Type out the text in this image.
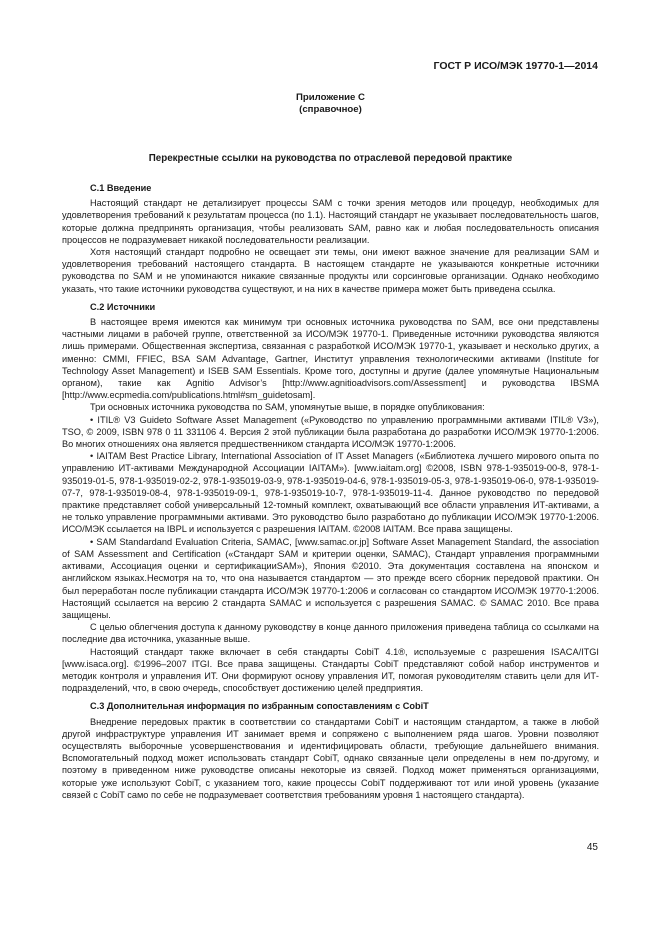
ГОСТ Р ИСО/МЭК 19770-1—2014
Приложение С
(справочное)
Перекрестные ссылки на руководства по отраслевой передовой практике
С.1 Введение

Настоящий стандарт не детализирует процессы SAM с точки зрения методов или процедур, необходимых для удовлетворения требований к результатам процесса (по 1.1). Настоящий стандарт не указывает последовательность шагов, которые должна предпринять организация, чтобы реализовать SAM, равно как и любая последовательность описания процессов не подразумевает никакой последовательности реализации.

Хотя настоящий стандарт подробно не освещает эти темы, они имеют важное значение для реализации SAM и удовлетворения требований настоящего стандарта. В настоящем стандарте не указываются конкретные источники руководства по SAM и не упоминаются никакие связанные продукты или сорсинговые организации. Однако необходимо указать, что такие источники руководства существуют, и на них в качестве примера может быть приведена ссылка.

С.2 Источники

В настоящее время имеются как минимум три основных источника руководства по SAM, все они представлены частными лицами в рабочей группе, ответственной за ИСО/МЭК 19770-1. Приведенные источники руководства являются лишь примерами. Общественная экспертиза, связанная с разработкой ИСО/МЭК 19770-1, указывает и несколько других, а именно: CMMI, FFIEC, BSA SAM Advantage, Gartner, Институт управления технологическими активами (Institute for Technology Asset Management) и ISEB SAM Essentials. Кроме того, доступны и другие (далее упомянутые Национальным органом), такие как Agnitio Advisor’s [http://www.agnitioadvisors.com/Assessment] и руководства IBSMA [http://www.ecpmedia.com/publications.html#sm_guidetosam].

Три основных источника руководства по SAM, упомянутые выше, в порядке опубликования:

• ITIL® V3 Guideto Software Asset Management («Руководство по управлению программными активами ITIL® V3»), TSO, © 2009, ISBN 978 0 11 331106 4. Версия 2 этой публикации была разработана до разработки ИСО/МЭК 19770-1:2006. Во многих отношениях она является предшественником стандарта ИСО/МЭК 19770-1:2006.

• IAITAM Best Practice Library, International Association of IT Asset Managers («Библиотека лучшего мирового опыта по управлению ИТ-активами Международной Ассоциации IAITAM»). [www.iaitam.org] ©2008, ISBN 978-1-935019-00-8, 978-1-935019-01-5, 978-1-935019-02-2, 978-1-935019-03-9, 978-1-935019-04-6, 978-1-935019-05-3, 978-1-935019-06-0, 978-1-935019-07-7, 978-1-935019-08-4, 978-1-935019-09-1, 978-1-935019-10-7, 978-1-935019-11-4. Данное руководство по передовой практике представляет собой универсальный 12-томный комплект, охватывающий все области управления ИТ-активами, а не только управление программными активами. Это руководство было разработано до публикации ИСО/МЭК 19770-1:2006. ИСО/МЭК ссылается на IBPL и используется с разрешения IAITAM. ©2008 IAITAM. Все права защищены.

• SAM Standardand Evaluation Criteria, SAMAC, [www.samac.or.jp] Software Asset Management Standard, the association of SAM Assessment and Certification («Стандарт SAM и критерии оценки, SAMAC), Стандарт управления программными активами, Ассоциация оценки и сертификацииSAM»), Япония ©2010. Эта документация составлена на японском и английском языках.Несмотря на то, что она называется стандартом — это прежде всего сборник передовой практики. Он был переработан после публикации стандарта ИСО/МЭК 19770-1:2006 и согласован со стандартом ИСО/МЭК 19770-1:2006. Настоящий ссылается на версию 2 стандарта SAMAC и используется с разрешения SAMAC. © SAMAC 2010. Все права защищены.

С целью облегчения доступа к данному руководству в конце данного приложения приведена таблица со ссылками на последние два источника, указанные выше.

Настоящий стандарт также включает в себя стандарты CobiT 4.1®, используемые с разрешения ISACA/ITGI [www.isaca.org]. ©1996–2007 ITGI. Все права защищены. Стандарты CobiT представляют собой набор инструментов и методик контроля и управления ИТ. Они формируют основу управления ИТ, помогая руководителям ставить цели для ИТ-подразделений, что, в свою очередь, способствует достижению целей предприятия.

С.3 Дополнительная информация по избранным сопоставлениям с CobiT

Внедрение передовых практик в соответствии со стандартами CobiT и настоящим стандартом, а также в любой другой инфраструктуре управления ИТ занимает время и сопряжено с выполнением ряда шагов. Уровни позволяют осуществлять выборочные усовершенствования и идентифицировать области, требующие дальнейшего внимания. Вспомогательный подход может использовать стандарт CobiT, однако связанные цели определены в нем по-другому, и поэтому в приведенном ниже руководстве описаны некоторые из связей. Подход может применяться организациями, которые уже используют CobiT, с указанием того, какие процессы CobiT поддерживают тот или иной уровень (указание связей с CobiT само по себе не подразумевает соответствия требованиям уровня 1 настоящего стандарта).

45
